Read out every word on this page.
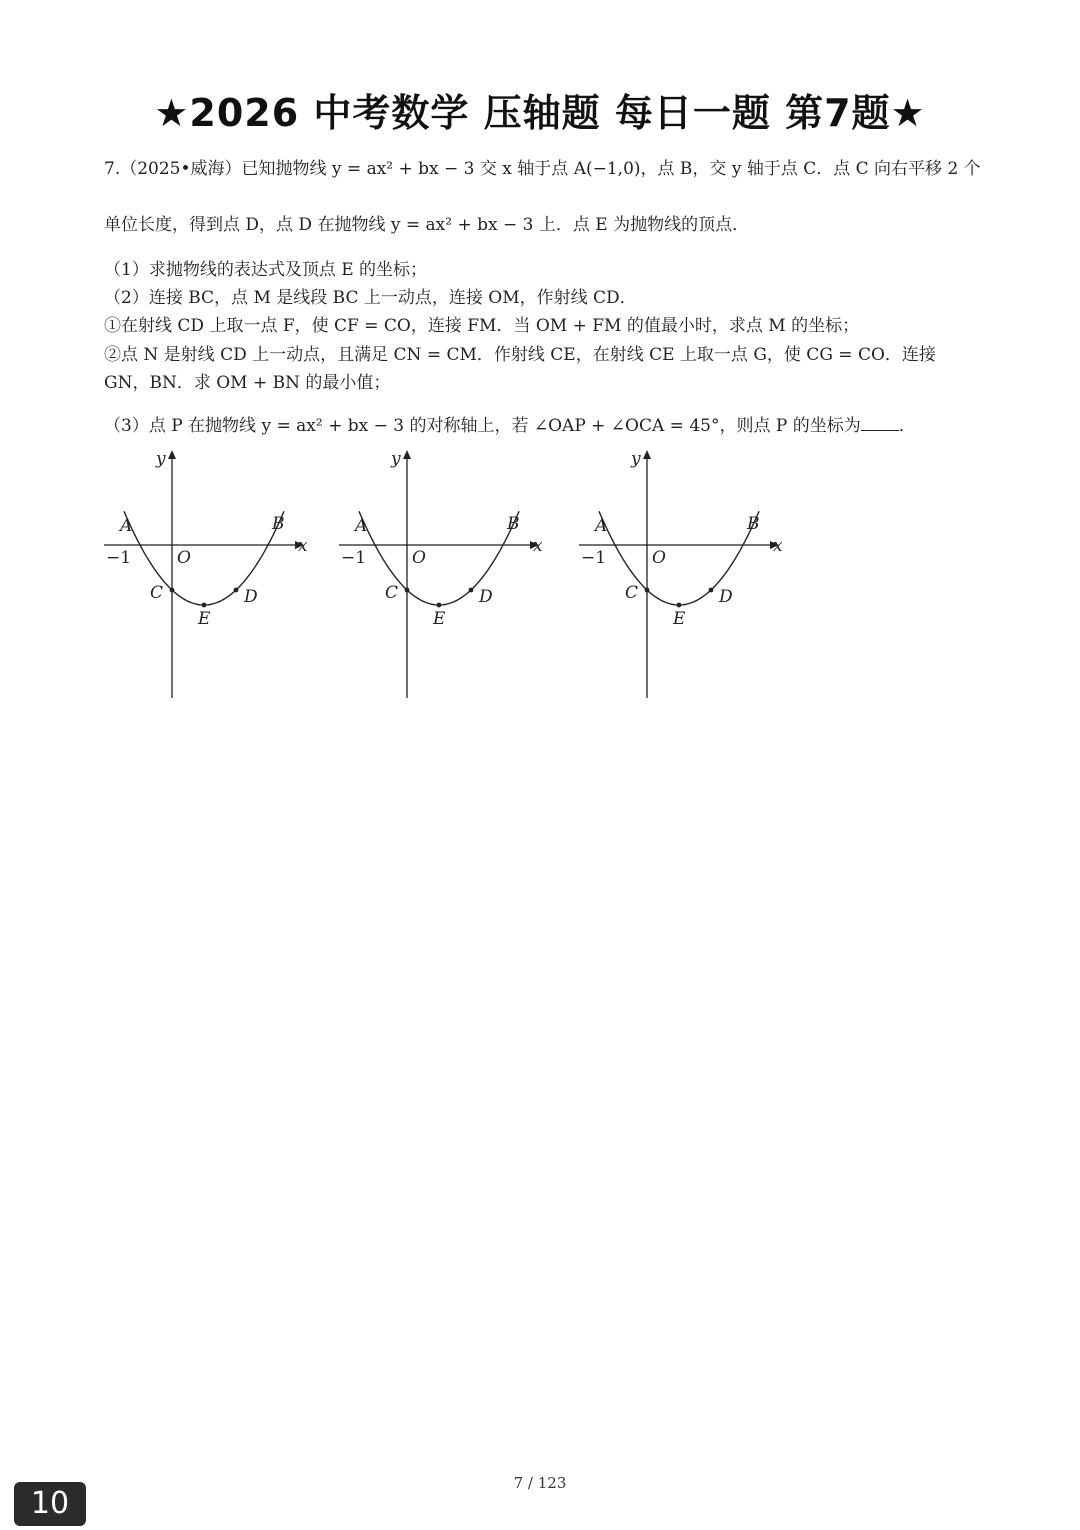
★2026 中考数学 压轴题 每日一题 第7题★
7.（2025•威海）已知抛物线 y = ax² + bx − 3 交 x 轴于点 A(−1,0)，点 B，交 y 轴于点 C．点 C 向右平移 2 个
单位长度，得到点 D，点 D 在抛物线 y = ax² + bx − 3 上．点 E 为抛物线的顶点．
（1）求抛物线的表达式及顶点 E 的坐标；
（2）连接 BC，点 M 是线段 BC 上一动点，连接 OM，作射线 CD．
①在射线 CD 上取一点 F，使 CF = CO，连接 FM．当 OM + FM 的值最小时，求点 M 的坐标；
②点 N 是射线 CD 上一动点，且满足 CN = CM．作射线 CE，在射线 CE 上取一点 G，使 CG = CO．连接
GN，BN．求 OM + BN 的最小值；
（3）点 P 在抛物线 y = ax² + bx − 3 的对称轴上，若 ∠OAP + ∠OCA = 45°，则点 P 的坐标为 ．
y
x
A	B
O
−1
C	D
E
y
x
A	B
O
−1
C	D
E
y
x
A	B
O
−1
C	D
E
7 / 123
10
